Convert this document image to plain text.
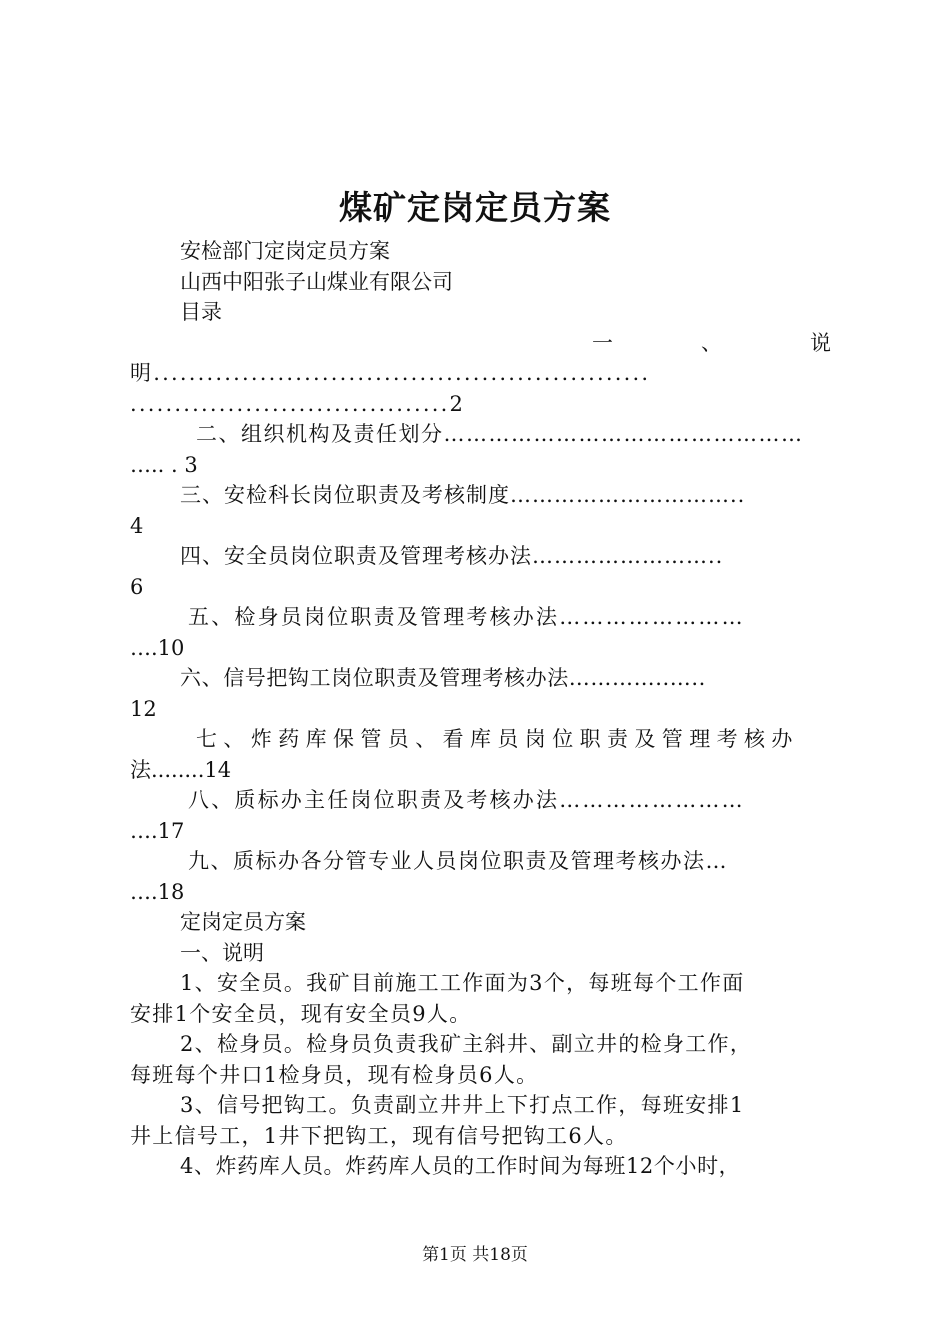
煤矿定岗定员方案
安检部门定岗定员方案
山西中阳张子山煤业有限公司
目录
一、说
明........................................................
....................................2
二、组织机构及责任划分…………………………………………
….. . 3
三、安检科长岗位职责及考核制度…………………………..
4
四、安全员岗位职责及管理考核办法……………………..
6
五、检身员岗位职责及管理考核办法……………………
….10
六、信号把钩工岗位职责及管理考核办法…………..…..
12
七、炸药库保管员、看库员岗位职责及管理考核办
法........14
八、质标办主任岗位职责及考核办法……………………
….17
九、质标办各分管专业人员岗位职责及管理考核办法…
….18
定岗定员方案
一、说明
1、安全员。我矿目前施工工作面为3个，每班每个工作面
安排1个安全员，现有安全员9人。
2、检身员。检身员负责我矿主斜井、副立井的检身工作，
每班每个井口1检身员，现有检身员6人。
3、信号把钩工。负责副立井井上下打点工作，每班安排1
井上信号工，1井下把钩工，现有信号把钩工6人。
4、炸药库人员。炸药库人员的工作时间为每班12个小时，
第1页 共18页
